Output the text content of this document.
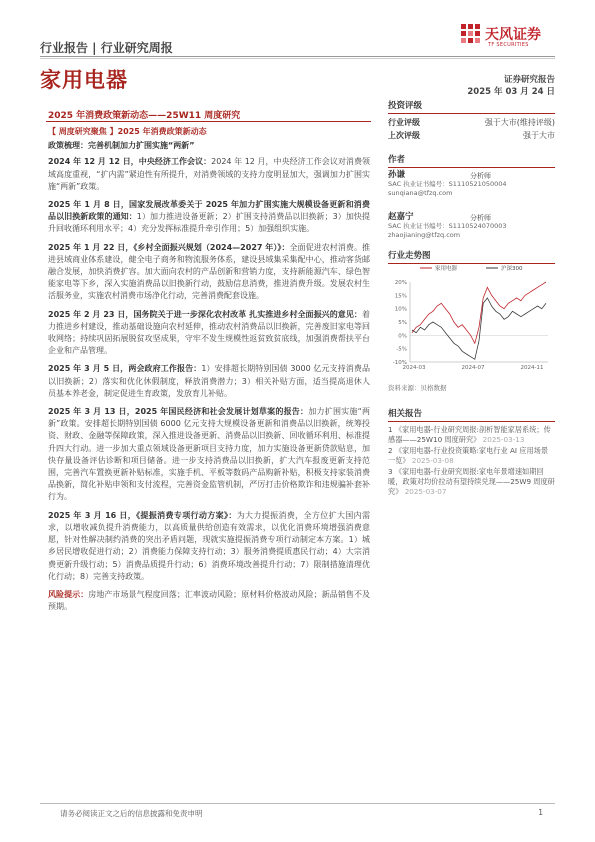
行业报告 | 行业研究周报
家用电器
天风证券
TF SECURITIES
证券研究报告
2025 年 03 月 24 日
2025 年消费政策新动态——25W11 周度研究

【 周度研究聚焦 】2025 年消费政策新动态

政策梳理：完善机制加力扩围实施“两新”

2024 年 12 月 12 日，中央经济工作会议：2024 年 12 月，中央经济工作会议对消费领域高度重视，“扩内需”紧迫性有所提升，对消费领域的支持力度明显加大，强调加力扩围实施“两新”政策。

2025 年 1 月 8 日，国家发展改革委关于 2025 年加力扩围实施大规模设备更新和消费品以旧换新政策的通知：1）加力推进设备更新；2）扩围支持消费品以旧换新；3）加快提升回收循环利用水平；4）充分发挥标准提升牵引作用；5）加强组织实施。

2025 年 1 月 22 日，《乡村全面振兴规划（2024—2027 年）》：全面促进农村消费。推进县域商业体系建设，健全电子商务和物流服务体系，建设县域集采集配中心，推动客货邮融合发展，加快消费扩容。加大面向农村的产品创新和营销力度，支持新能源汽车、绿色智能家电等下乡，深入实施消费品以旧换新行动，鼓励信息消费，推进消费升级。发展农村生活服务业，实施农村消费市场净化行动，完善消费配套设施。

2025 年 2 月 23 日，国务院关于进一步深化农村改革 扎实推进乡村全面振兴的意见：着力推进乡村建设，推动基础设施向农村延伸，推动农村消费品以旧换新，完善废旧家电等回收网络；持续巩固拓展脱贫攻坚成果，守牢不发生规模性返贫致贫底线，加强消费帮扶平台企业和产品管理。

2025 年 3 月 5 日，两会政府工作报告：1）安排超长期特别国债 3000 亿元支持消费品以旧换新；2）落实和优化休假制度，释放消费潜力；3）相关补贴方面，适当提高退休人员基本养老金，制定促进生育政策，发放育儿补贴。

2025 年 3 月 13 日，2025 年国民经济和社会发展计划草案的报告：加力扩围实施“两新”政策。安排超长期特别国债 6000 亿元支持大规模设备更新和消费品以旧换新，统筹投资、财政、金融等保障政策，深入推进设备更新、消费品以旧换新、回收循环利用、标准提升四大行动。进一步加大重点领域设备更新项目支持力度，加力实施设备更新贷款贴息，加快存量设备评估诊断和项目储备。进一步支持消费品以旧换新，扩大汽车报废更新支持范围，完善汽车置换更新补贴标准，实施手机、平板等数码产品购新补贴，积极支持家装消费品换新，简化补贴申领和支付流程，完善资金监管机制，严厉打击价格欺诈和违规骗补套补行为。

2025 年 3 月 16 日，《提振消费专项行动方案》：为大力提振消费，全方位扩大国内需求，以增收减负提升消费能力，以高质量供给创造有效需求，以优化消费环境增强消费意愿，针对性解决制约消费的突出矛盾问题，现就实施提振消费专项行动制定本方案。1）城乡居民增收促进行动；2）消费能力保障支持行动；3）服务消费提质惠民行动；4）大宗消费更新升级行动；5）消费品质提升行动；6）消费环境改善提升行动；7）限制措施清理优化行动；8）完善支持政策。

风险提示：房地产市场景气程度回落；汇率波动风险；原材料价格波动风险；新品销售不及预期。

投资评级
行业评级	强于大市(维持评级)
上次评级	强于大市
作者
孙谦	分析师
SAC 执业证书编号：S1110521050004
sunqiana@tfzq.com
赵嘉宁	分析师
SAC 执业证书编号：S1110524070003
zhaojianing@tfzq.com
行业走势图
20%
15%
10%
5%
0%
-5%
-10%
2024-03	2024-07	2024-11
家用电器	沪深300
资料来源：贝格数据
相关报告
1 《家用电器-行业研究周报:剖析智能家居系统；传感器——25W10 周度研究》 2025-03-13
2 《家用电器-行业投资策略:家电行业 AI 应用场景一览》 2025-03-08
3 《家用电器-行业研究周报:家电年景增速如期回暖，政策对均价拉动有望持续兑现——25W9 周度研究》 2025-03-07
请务必阅读正文之后的信息披露和免责申明	1
